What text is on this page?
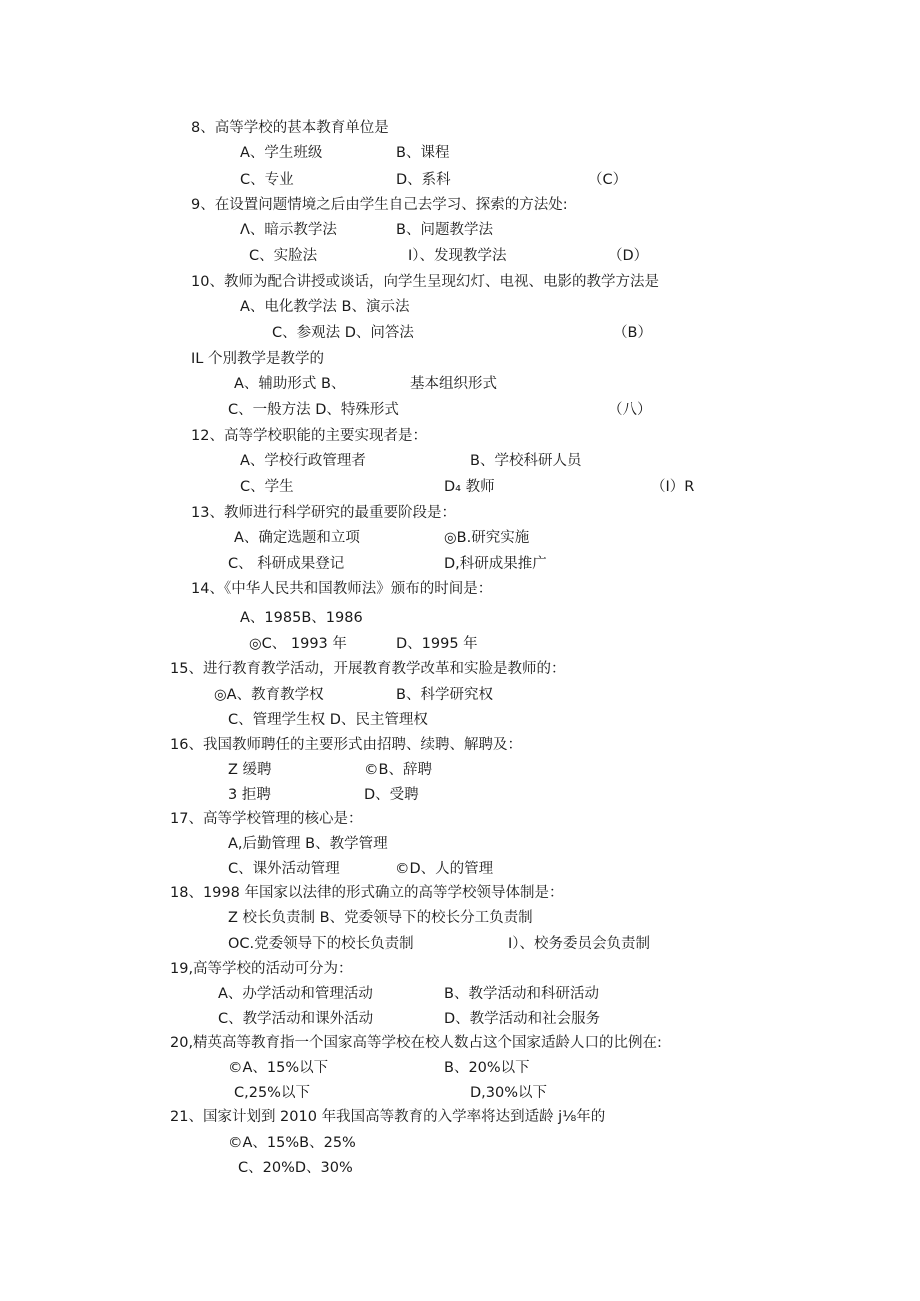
8、高等学校的甚本教育单位是
A、学生班级	B、课程
C、专业	D、系科	（C）
9、在设置问题情境之后由学生自己去学习、探索的方法处:
Λ、暗示教学法	B、问题教学法
C、实脸法	I）、发现教学法	（D）
10、教师为配合讲授或谈话，向学生呈现幻灯、电视、电影的教学方法是
A、电化教学法 B、演示法
C、参观法 D、问答法	（B）
IL 个別教学是教学的
A、辅助形式 B、	基本组织形式
C、一般方法 D、特殊形式	（八）
12、高等学校职能的主要实现者是：
A、学校行政管理者	B、学校科研人员
C、学生	D₄ 教师	（I）R
13、教师进行科学研究的最重要阶段是：
A、确定选题和立项	◎B.研究实施
C、 科研成果登记	D,科研成果推广
14、《中华人民共和国教师法》颁布的时间是：
A、1985B、1986
◎C、 1993 年	D、1995 年
15、进行教育教学活动，开展教育教学改革和实脸是教师的：
◎A、教育教学权	B、科学研究权
C、管理学生权 D、民主管理权
16、我国教师聘任的主要形式由招聘、续聘、解聘及：
Z 缓聘	©B、辞聘
3 拒聘	D、受聘
17、高等学校管理的核心是：
A,后勤管理 B、教学管理
C、课外活动管理	©D、人的管理
18、1998 年国家以法律的形式确立的高等学校领导体制是：
Z 校长负责制 B、党委领导下的校长分工负责制
OC.党委领导下的校长负责制	I）、校务委员会负责制
19,高等学校的活动可分为：
A、办学活动和管理活动	B、教学活动和科研活动
C、教学活动和课外活动	D、教学活动和社会服务
20,精英高等教育指一个国家高等学校在校人数占这个国家适龄人口的比例在:
©A、15%以下	B、20%以下
C,25%以下	D,30%以下
21、国家计划到 2010 年我国高等教育的入学率将达到适龄 j⅛年的
©A、15%B、25%
C、20%D、30%
